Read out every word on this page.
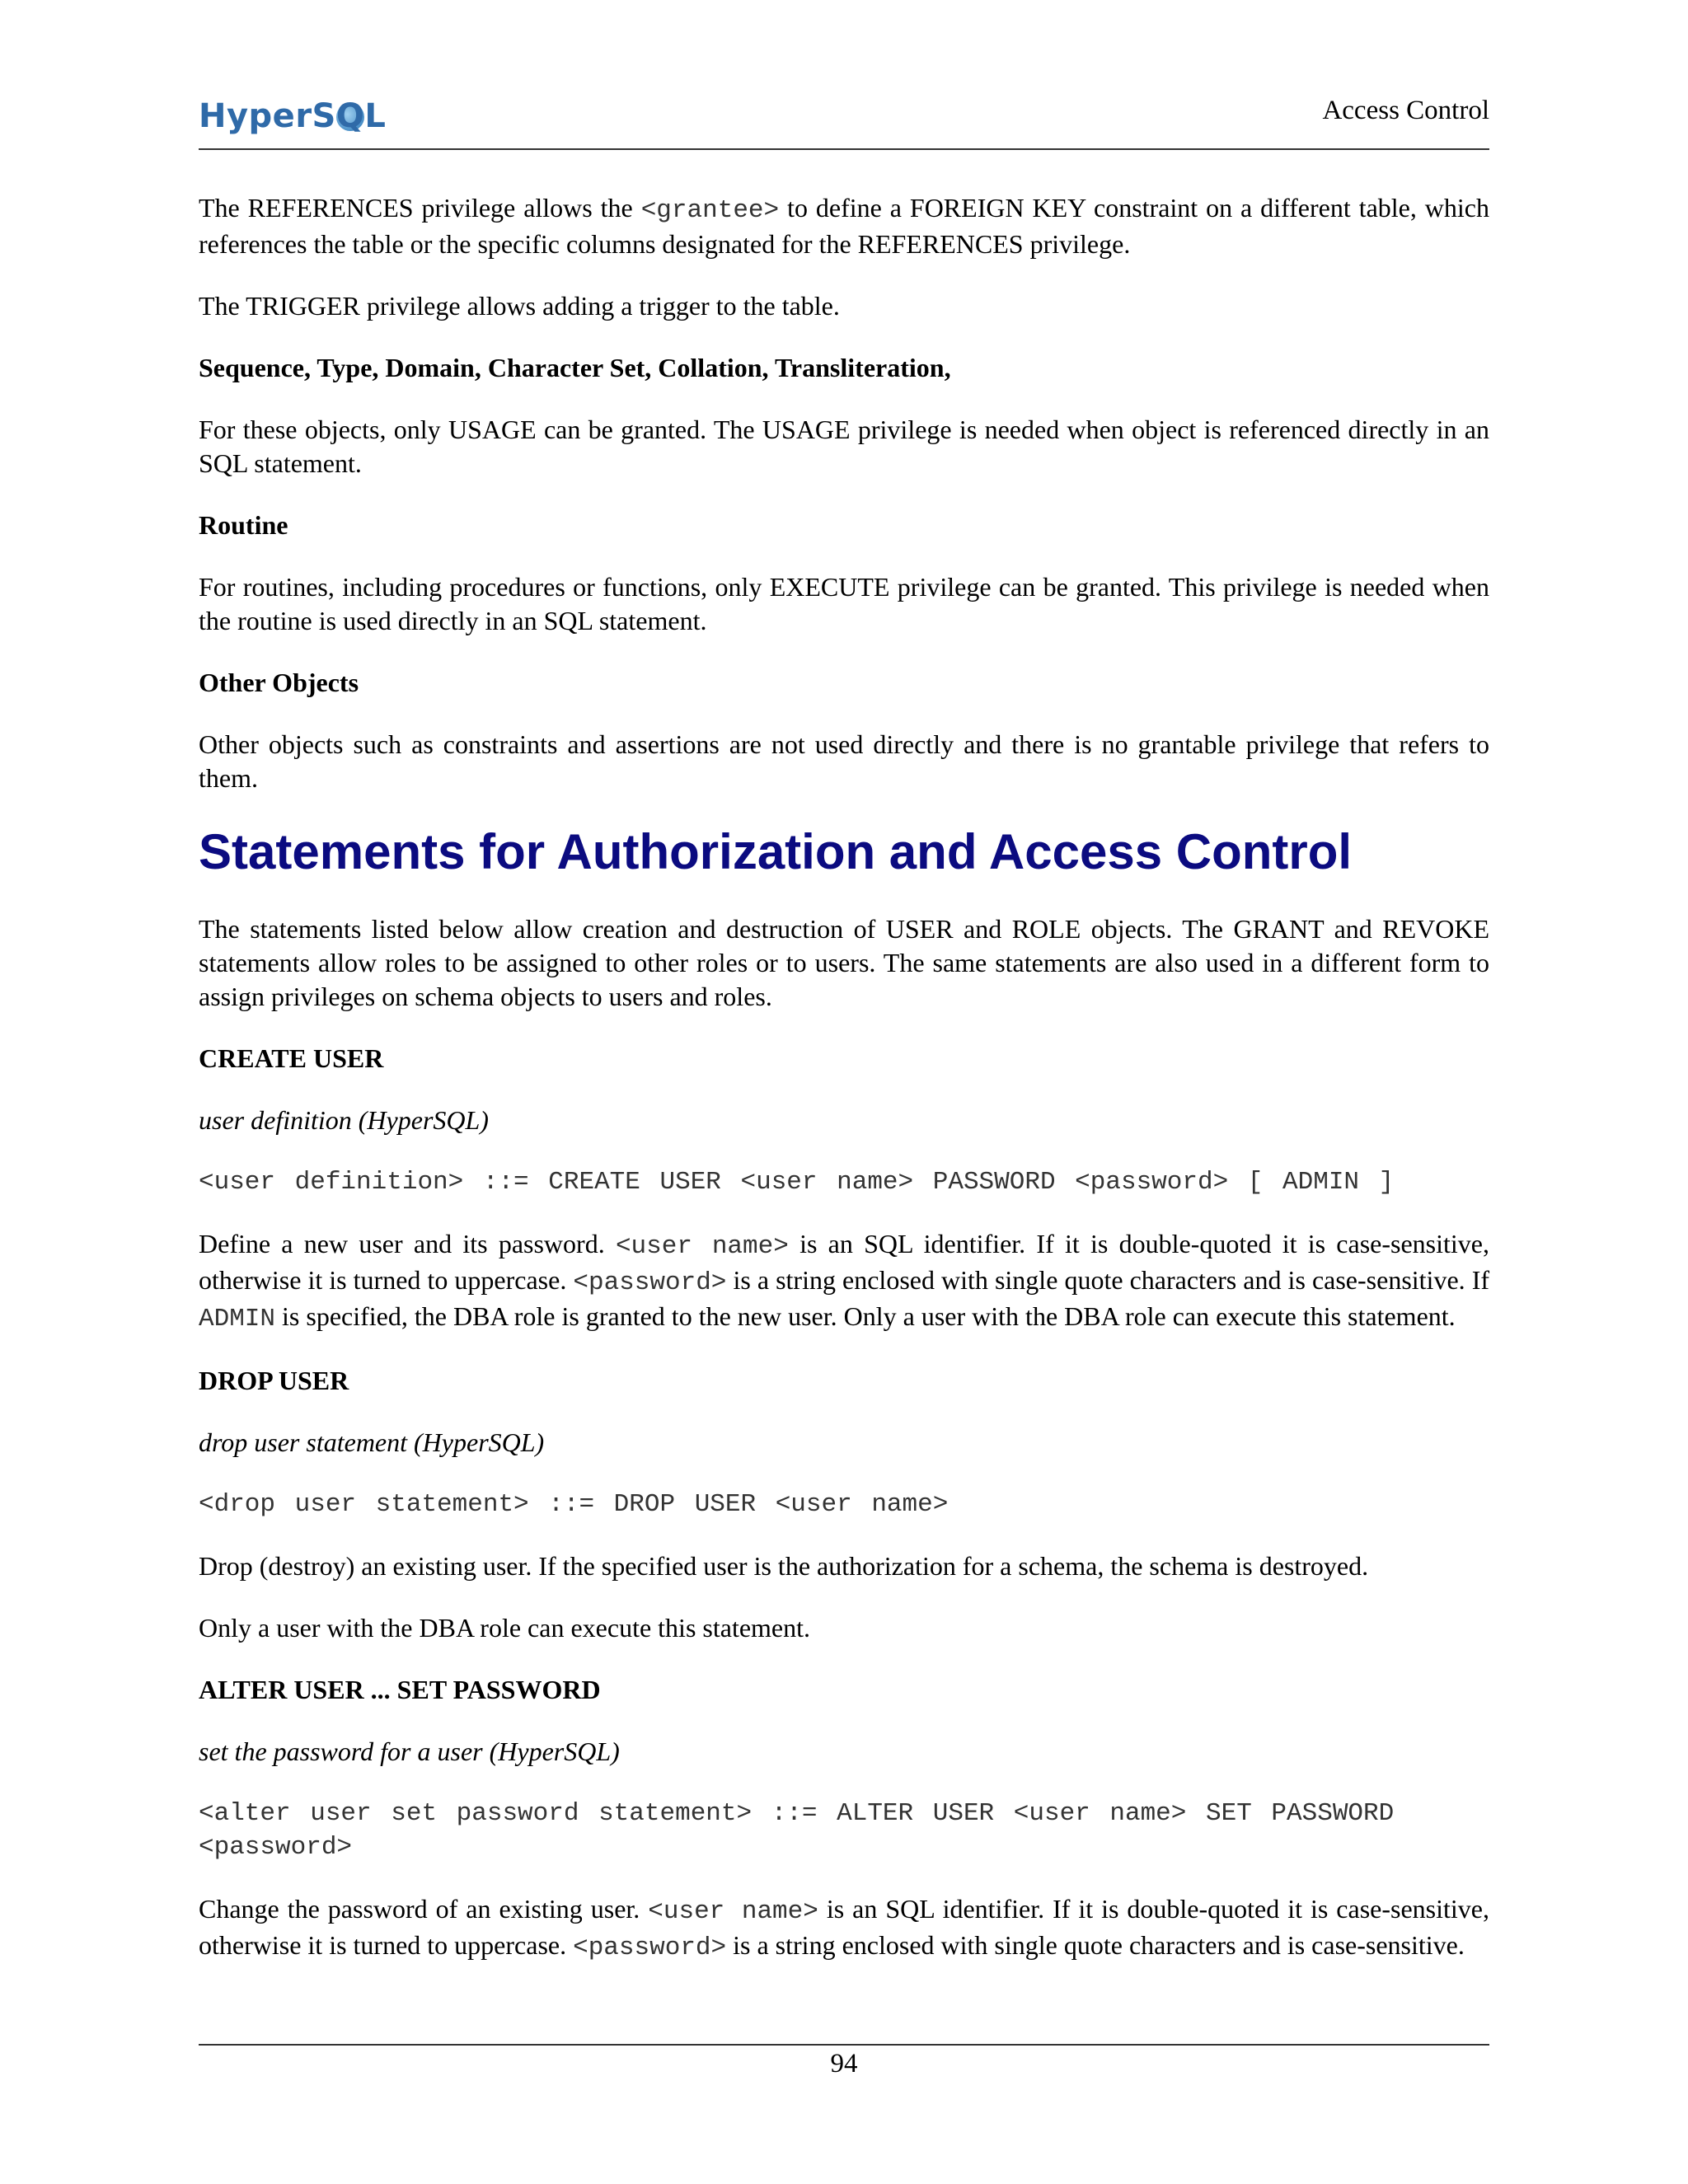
HyperS
QL	Access Control

The REFERENCES privilege allows the <grantee> to define a FOREIGN KEY constraint on a different table, which references the table or the specific columns designated for the REFERENCES privilege.

The TRIGGER privilege allows adding a trigger to the table.

Sequence, Type, Domain, Character Set, Collation, Transliteration,

For these objects, only USAGE can be granted. The USAGE privilege is needed when object is referenced directly in an SQL statement.

Routine

For routines, including procedures or functions, only EXECUTE privilege can be granted. This privilege is needed when the routine is used directly in an SQL statement.

Other Objects

Other objects such as constraints and assertions are not used directly and there is no grantable privilege that refers to them.

Statements for Authorization and Access Control

The statements listed below allow creation and destruction of USER and ROLE objects. The GRANT and REVOKE statements allow roles to be assigned to other roles or to users. The same statements are also used in a different form to assign privileges on schema objects to users and roles.

CREATE USER

user definition (HyperSQL)

<user definition> ::= CREATE USER <user name> PASSWORD <password> [ ADMIN ]

Define a new user and its password. <user name> is an SQL identifier. If it is double-quoted it is case-sensitive, otherwise it is turned to uppercase. <password> is a string enclosed with single quote characters and is case-sensitive. If ADMIN is specified, the DBA role is granted to the new user. Only a user with the DBA role can execute this statement.

DROP USER

drop user statement (HyperSQL)

<drop user statement> ::= DROP USER <user name>

Drop (destroy) an existing user. If the specified user is the authorization for a schema, the schema is destroyed.

Only a user with the DBA role can execute this statement.

ALTER USER ... SET PASSWORD

set the password for a user (HyperSQL)

<alter user set password statement> ::= ALTER USER <user name> SET PASSWORD <password>

Change the password of an existing user. <user name> is an SQL identifier. If it is double-quoted it is case-sensitive, otherwise it is turned to uppercase. <password> is a string enclosed with single quote characters and is case-sensitive.

94
